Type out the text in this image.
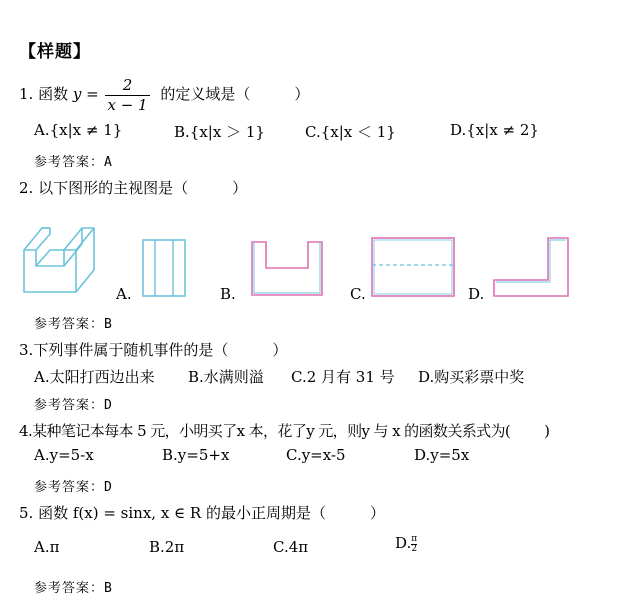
【样题】
1. 函数 $y = \frac{2}{x - 1}$ 的定义域是（	）
A.{x|x ≠ 1}	B.{x|x ＞ 1}	C.{x|x ＜ 1}	D.{x|x ≠ 2}
参考答案：A
2. 以下图形的主视图是（	）
A.	B.	C.	D.
参考答案：B
3.下列事件属于随机事件的是（	）
A.太阳打西边出来 B.水满则溢 C.2 月有 31 号 D.购买彩票中奖
参考答案：D
4.某种笔记本每本 5 元，小明买了x 本，花了y 元，则y 与 x 的函数关系式为( )
A.y=5-x	B.y=5+x	C.y=x-5	D.y=5x
参考答案：D
5. 函数 f(x) = sinx, x ∈ R 的最小正周期是（	）
A.π	B.2π	C.4π	D. $\frac{\pi}{2}$
参考答案：B
